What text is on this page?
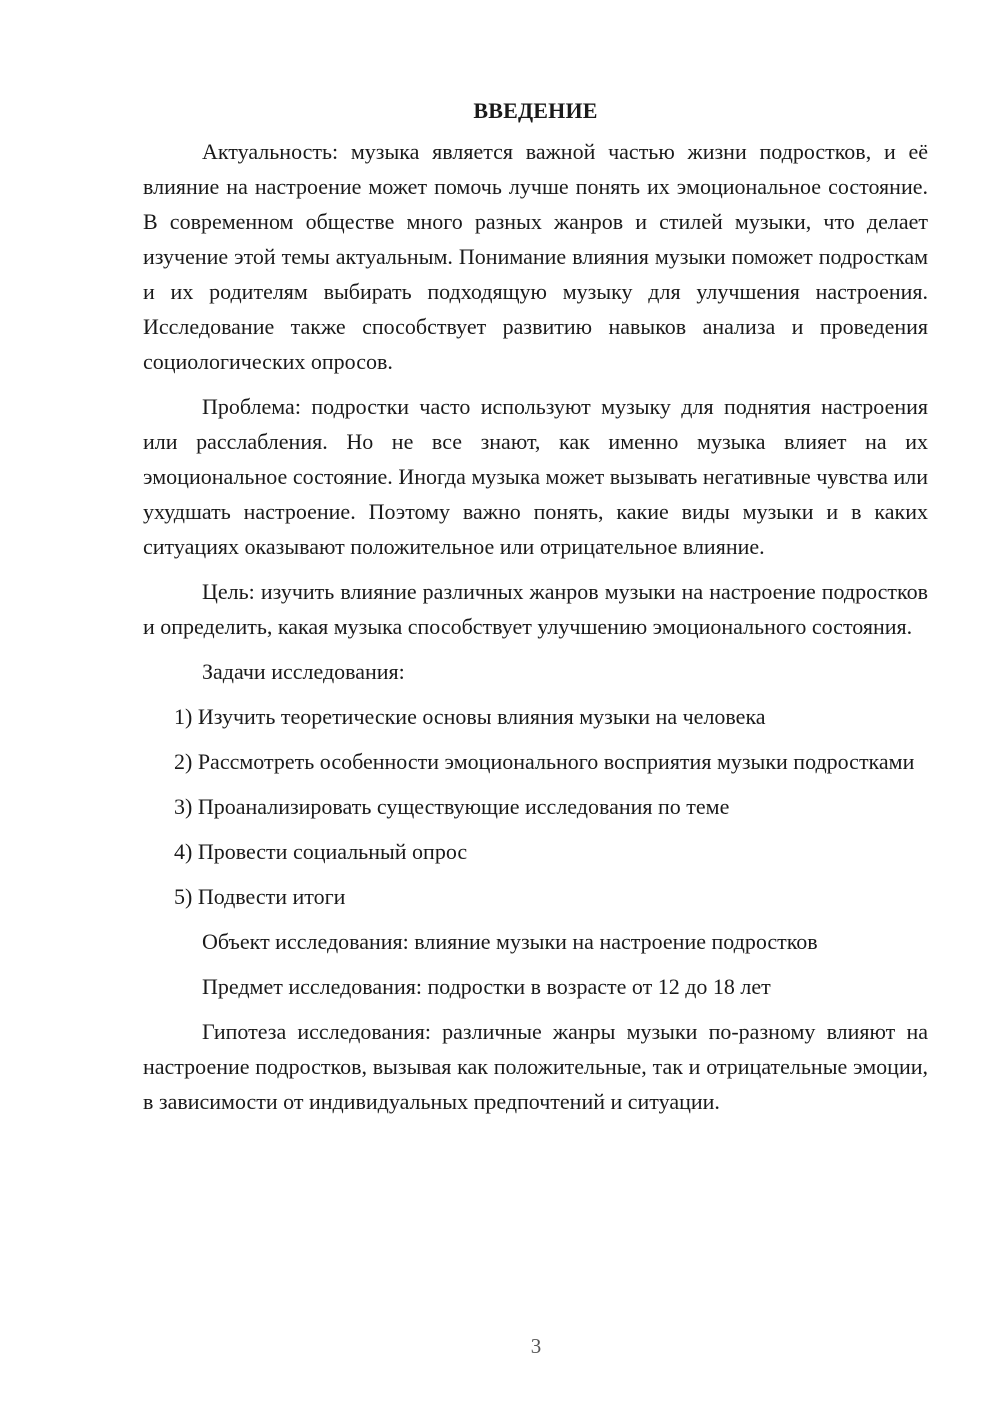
ВВЕДЕНИЕ

Актуальность: музыка является важной частью жизни подростков, и её влияние на настроение может помочь лучше понять их эмоциональное состояние. В современном обществе много разных жанров и стилей музыки, что делает изучение этой темы актуальным. Понимание влияния музыки поможет подросткам и их родителям выбирать подходящую музыку для улучшения настроения. Исследование также способствует развитию навыков анализа и проведения социологических опросов.

Проблема: подростки часто используют музыку для поднятия настроения или расслабления. Но не все знают, как именно музыка влияет на их эмоциональное состояние. Иногда музыка может вызывать негативные чувства или ухудшать настроение. Поэтому важно понять, какие виды музыки и в каких ситуациях оказывают положительное или отрицательное влияние.

Цель: изучить влияние различных жанров музыки на настроение подростков и определить, какая музыка способствует улучшению эмоционального состояния.

Задачи исследования:

1) Изучить теоретические основы влияния музыки на человека

2) Рассмотреть особенности эмоционального восприятия музыки подростками

3) Проанализировать существующие исследования по теме

4) Провести социальный опрос

5) Подвести итоги

Объект исследования: влияние музыки на настроение подростков

Предмет исследования: подростки в возрасте от 12 до 18 лет

Гипотеза исследования: различные жанры музыки по-разному влияют на настроение подростков, вызывая как положительные, так и отрицательные эмоции, в зависимости от индивидуальных предпочтений и ситуации.

3
